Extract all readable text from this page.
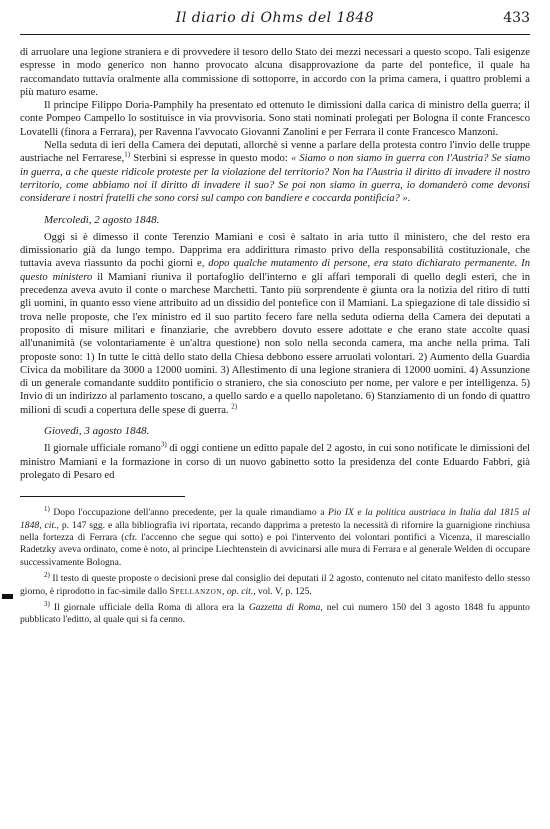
Il diario di Ohms del 1848	433

di arruolare una legione straniera e di provvedere il tesoro dello Stato dei mezzi necessari a questo scopo. Tali esigenze espresse in modo generico non hanno provocato alcuna disapprovazione da parte del pontefice, il quale ha raccomandato tuttavia oralmente alla commissione di sottoporre, in accordo con la prima camera, i quattro problemi a più maturo esame.

Il principe Filippo Doria-Pamphily ha presentato ed ottenuto le dimissioni dalla carica di ministro della guerra; il conte Pompeo Campello lo sostituisce in via provvisoria. Sono stati nominati prolegati per Bologna il conte Francesco Lovatelli (finora a Ferrara), per Ravenna l'avvocato Giovanni Zanolini e per Ferrara il conte Francesco Manzoni.

Nella seduta di ieri della Camera dei deputati, allorchè si venne a parlare della protesta contro l'invio delle truppe austriache nel Ferrarese,$^{1)}$ Sterbini si espresse in questo modo: « Siamo o non siamo in guerra con l'Austria? Se siamo in guerra, a che queste ridicole proteste per la violazione del territorio? Non ha l'Austria il diritto di invadere il nostro territorio, come abbiamo noi il diritto di invadere il suo? Se poi non siamo in guerra, io domanderò come devonsi considerare i nostri fratelli che sono corsi sul campo con bandiere e coccarda pontificia? ».

Mercoledì, 2 agosto 1848.

Oggi si è dimesso il conte Terenzio Mamiani e così è saltato in aria tutto il ministero, che del resto era dimissionario già da lungo tempo. Dapprima era addirittura rimasto privo della responsabilità costituzionale, che tuttavia aveva riassunto da pochi giorni e, dopo qualche mutamento di persone, era stato dichiarato permanente. In questo ministero il Mamiani riuniva il portafoglio dell'interno e gli affari temporali di quello degli esteri, che in precedenza aveva avuto il conte o marchese Marchetti. Tanto più sorprendente è giunta ora la notizia del ritiro di tutti gli uomini, in quanto esso viene attribuito ad un dissidio del pontefice con il Mamiani. La spiegazione di tale dissidio si trova nelle proposte, che l'ex ministro ed il suo partito fecero fare nella seduta odierna della Camera dei deputati a proposito di misure militari e finanziarie, che avrebbero dovuto essere adottate e che erano state accolte quasi all'unanimità (se volontariamente è un'altra questione) non solo nella seconda camera, ma anche nella prima. Tali proposte sono: 1) In tutte le città dello stato della Chiesa debbono essere arruolati volontari. 2) Aumento della Guardia Civica da mobilitare da 3000 a 12000 uomini. 3) Allestimento di una legione straniera di 12000 uomini. 4) Assunzione di un generale comandante suddito pontificio o straniero, che sia conosciuto per nome, per valore e per intelligenza. 5) Invio di un indirizzo al parlamento toscano, a quello sardo e a quello napoletano. 6) Stanziamento di un fondo di quattro milioni di scudi a copertura delle spese di guerra. $^{2)}$

Giovedì, 3 agosto 1848.

Il giornale ufficiale romano$^{3)}$ di oggi contiene un editto papale del 2 agosto, in cui sono notificate le dimissioni del ministro Mamiani e la formazione in corso di un nuovo gabinetto sotto la presidenza del conte Eduardo Fabbri, già prolegato di Pesaro ed

$^{1)}$ Dopo l'occupazione dell'anno precedente, per la quale rimandiamo a Pio IX e la politica austriaca in Italia dal 1815 al 1848, cit., p. 147 sgg. e alla bibliografia ivi riportata, recando dapprima a pretesto la necessità di rifornire la guarnigione rinchiusa nella fortezza di Ferrara (cfr. l'accenno che segue qui sotto) e poi l'intervento dei volontari pontifici a Vicenza, il maresciallo Radetzky aveva ordinato, come è noto, al principe Liechtenstein di avvicinarsi alle mura di Ferrara e al generale Welden di occupare successivamente Bologna.

$^{2)}$ Il testo di queste proposte o decisioni prese dal consiglio dei deputati il 2 agosto, contenuto nel citato manifesto dello stesso giorno, è riprodotto in fac-simile dallo Spellanzon, op. cit., vol. V, p. 125.

$^{3)}$ Il giornale ufficiale della Roma di allora era la Gazzetta di Roma, nel cui numero 150 del 3 agosto 1848 fu appunto pubblicato l'editto, al quale qui si fa cenno.
